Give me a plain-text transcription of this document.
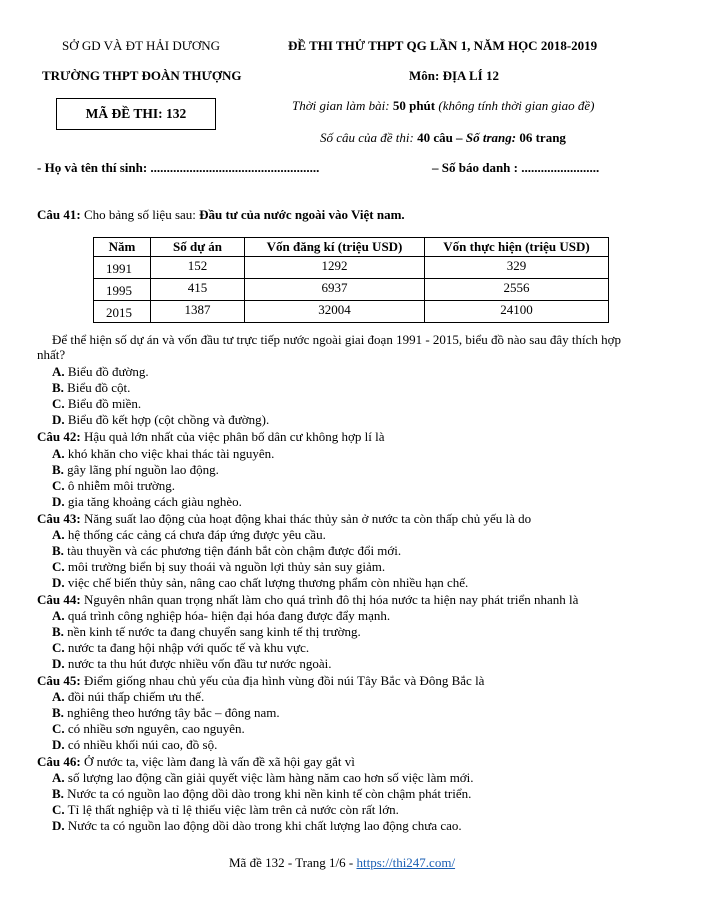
SỞ GD VÀ ĐT HẢI DƯƠNG
TRƯỜNG THPT ĐOÀN THƯỢNG
ĐỀ THI THỬ THPT QG LẦN 1, NĂM HỌC 2018-2019
Môn: ĐỊA LÍ 12
MÃ ĐỀ THI: 132
Thời gian làm bài: 50 phút (không tính thời gian giao đề)
Số câu của đề thi: 40 câu – Số trang: 06 trang
- Họ và tên thí sinh: ....................................................	– Số báo danh : ........................
Câu 41: Cho bảng số liệu sau: Đầu tư của nước ngoài vào Việt nam.
Năm	Số dự án	Vốn đăng kí (triệu USD)	Vốn thực hiện (triệu USD)
1991	152	1292	329
1995	415	6937	2556
2015	1387	32004	24100
Để thể hiện số dự án và vốn đầu tư trực tiếp nước ngoài giai đoạn 1991 - 2015, biểu đồ nào sau đây thích hợp
nhất?
A. Biểu đồ đường.
B. Biểu đồ cột.
C. Biểu đồ miền.
D. Biểu đồ kết hợp (cột chồng và đường).
Câu 42: Hậu quả lớn nhất của việc phân bố dân cư không hợp lí là
A. khó khăn cho việc khai thác tài nguyên.
B. gây lãng phí nguồn lao động.
C. ô nhiễm môi trường.
D. gia tăng khoảng cách giàu nghèo.
Câu 43: Năng suất lao động của hoạt động khai thác thủy sản ở nước ta còn thấp chủ yếu là do
A. hệ thống các cảng cá chưa đáp ứng được yêu cầu.
B. tàu thuyền và các phương tiện đánh bắt còn chậm được đổi mới.
C. môi trường biển bị suy thoái và nguồn lợi thủy sản suy giảm.
D. việc chế biến thủy sản, nâng cao chất lượng thương phẩm còn nhiều hạn chế.
Câu 44: Nguyên nhân quan trọng nhất làm cho quá trình đô thị hóa nước ta hiện nay phát triển nhanh là
A. quá trình công nghiệp hóa- hiện đại hóa đang được đẩy mạnh.
B. nền kinh tế nước ta đang chuyển sang kinh tế thị trường.
C. nước ta đang hội nhập với quốc tế và khu vực.
D. nước ta thu hút được nhiều vốn đầu tư nước ngoài.
Câu 45: Điểm giống nhau chủ yếu của địa hình vùng đồi núi Tây Bắc và Đông Bắc là
A. đồi núi thấp chiếm ưu thế.
B. nghiêng theo hướng tây bắc – đông nam.
C. có nhiều sơn nguyên, cao nguyên.
D. có nhiều khối núi cao, đồ sộ.
Câu 46: Ở nước ta, việc làm đang là vấn đề xã hội gay gắt vì
A. số lượng lao động cần giải quyết việc làm hàng năm cao hơn số việc làm mới.
B. Nước ta có nguồn lao động dồi dào trong khi nền kinh tế còn chậm phát triển.
C. Tỉ lệ thất nghiệp và tỉ lệ thiếu việc làm trên cả nước còn rất lớn.
D. Nước ta có nguồn lao động dồi dào trong khi chất lượng lao động chưa cao.
Mã đề 132 - Trang 1/6 - https://thi247.com/
